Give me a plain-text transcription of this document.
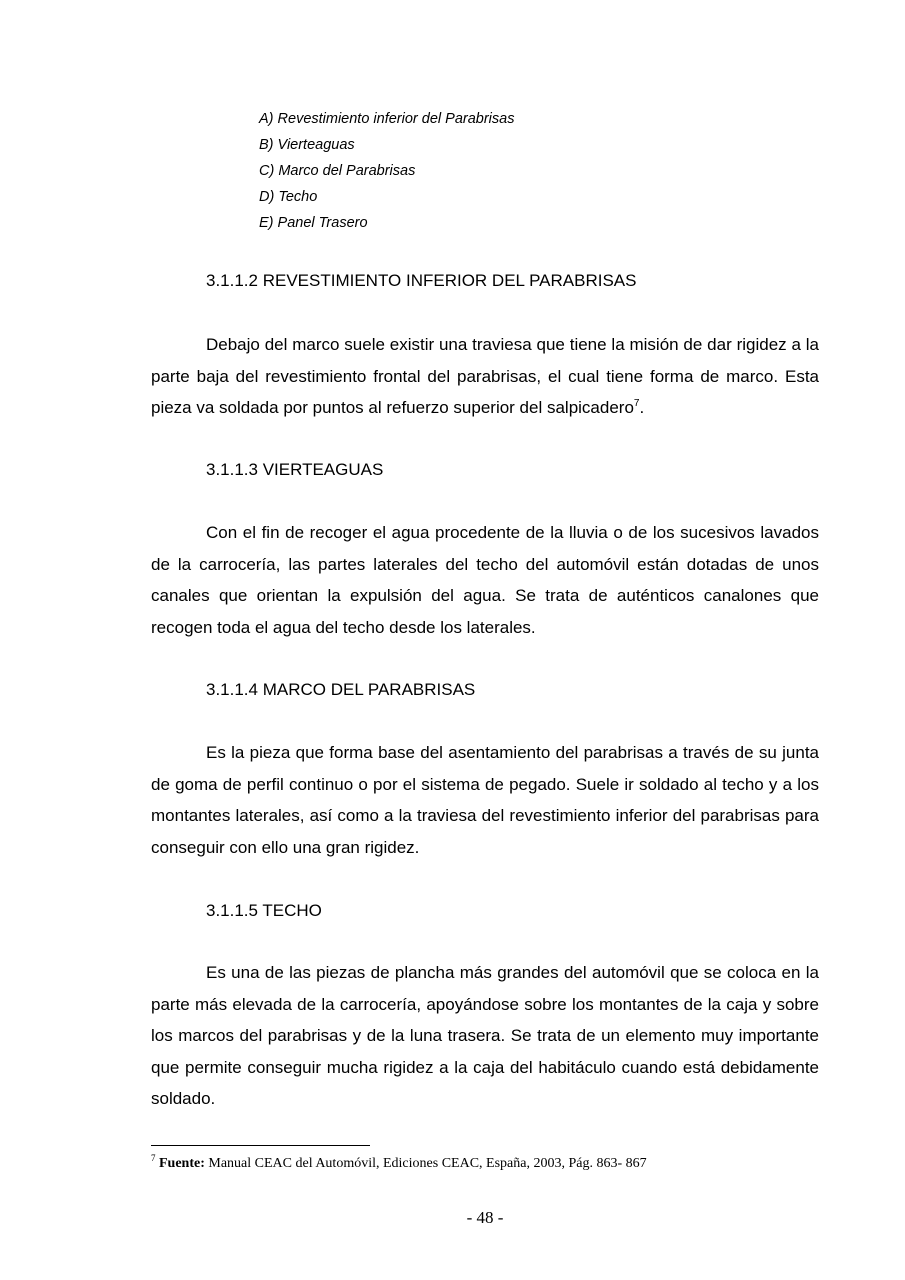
A) Revestimiento inferior del Parabrisas
B) Vierteaguas
C) Marco del Parabrisas
D) Techo
E) Panel Trasero
3.1.1.2 REVESTIMIENTO INFERIOR DEL PARABRISAS

Debajo del marco suele existir una traviesa que tiene la misión de dar rigidez a la parte baja del revestimiento frontal del parabrisas, el cual tiene forma de marco. Esta pieza va soldada por puntos al refuerzo superior del salpicadero$^7$.

3.1.1.3 VIERTEAGUAS

Con el fin de recoger el agua procedente de la lluvia o de los sucesivos lavados de la carrocería, las partes laterales del techo del automóvil están dotadas de unos canales que orientan la expulsión del agua. Se trata de auténticos canalones que recogen toda el agua del techo desde los laterales.

3.1.1.4 MARCO DEL PARABRISAS

Es la pieza que forma base del asentamiento del parabrisas a través de su junta de goma de perfil continuo o por el sistema de pegado. Suele ir soldado al techo y a los montantes laterales, así como a la traviesa del revestimiento inferior del parabrisas para conseguir con ello una gran rigidez.

3.1.1.5 TECHO

Es una de las piezas de plancha más grandes del automóvil que se coloca en la parte más elevada de la carrocería, apoyándose sobre los montantes de la caja y sobre los marcos del parabrisas y de la luna trasera. Se trata de un elemento muy importante que permite conseguir mucha rigidez a la caja del habitáculo cuando está debidamente soldado.

$^7$ Fuente: Manual CEAC del Automóvil, Ediciones CEAC, España, 2003, Pág. 863- 867

- 48 -
